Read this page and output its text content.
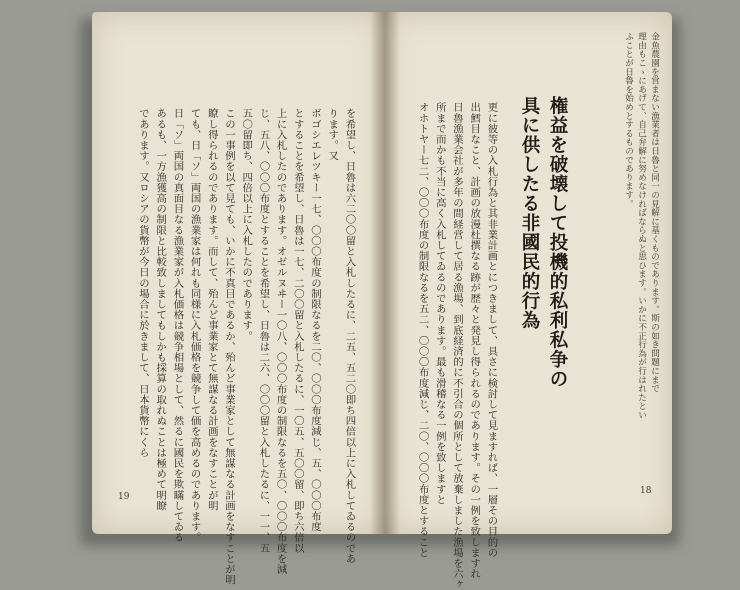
を希望し、日魯は六二〇〇留と入札したるに、二五、五二〇即ち四倍以上に入札してゐるのであ
ります。又
ボゴシエレツキー一七、〇〇〇布度の制限なるを二〇、〇〇〇布度減じ、五、〇〇〇布度
とすることを希望し、日魯は一七、二〇〇留と入札したるに、一〇五、五〇〇留、即ち六倍以
上に入札したのであります。オゼルヌヰー一〇八、〇〇〇布度の制限なるを五〇、〇〇〇布度を減
じ、五八、〇〇〇布度とすることを希望し、日魯は二六、〇〇〇留と入札したるに、一一、五
五〇留即ち、四倍以上に入札したのであります。
この一事例を以て見ても、いかに不真目であるか、殆んど事業家として無謀なる計画をなすことが明
瞭し得られるのであります。而して、殆んど事業家とて無謀なる計画をなすことが明
ても、日「ソ」両国の漁業家は何れも同様に入札価格を競争して価を高めるのであります。
日「ソ」両国の真面目なる漁業家が入札価格は競争相場として、然るに國民を欺瞞してゐる
あるも、一方漁獲高の制限と比較致しましてもしかも採算の取れぬことは極めて明瞭
であります。又ロシアの貨幣が今日の場合に於きまして、日本貨幣にくら
19
金魚農園を営まない漁業者は日魯と同一の見解に基くものであります。斯の如き問題にまで
理由もこゝにあげて、自己弁解に努めなければならぬと思ひます。いかに不正行為が行はれたとい
ふことが日魯を始めとするものであります。
権益を破壊して投機的私利私争の
具に供したる非國民的行為
更に彼等の入札行為と其非業計画とにつきまして、具さに検討して見ますれば、一層その目的の
出鱈目なこと、計画の放漫杜撰なる跡が歴々と発見し得られるのであります。その一例を致しますれ
日魯漁業会社が多年の間経営して居る漁場、到底経済的に不引合の個所として放棄しました漁場を六ヶ
所まで而かも不当に高く入札してゐるのであります。最も滑稽なる一例を致しますと
オホトヤー七二、〇〇〇布度の制限なるを五二、〇〇〇布度減じ、二〇、〇〇〇布度とすること	18
